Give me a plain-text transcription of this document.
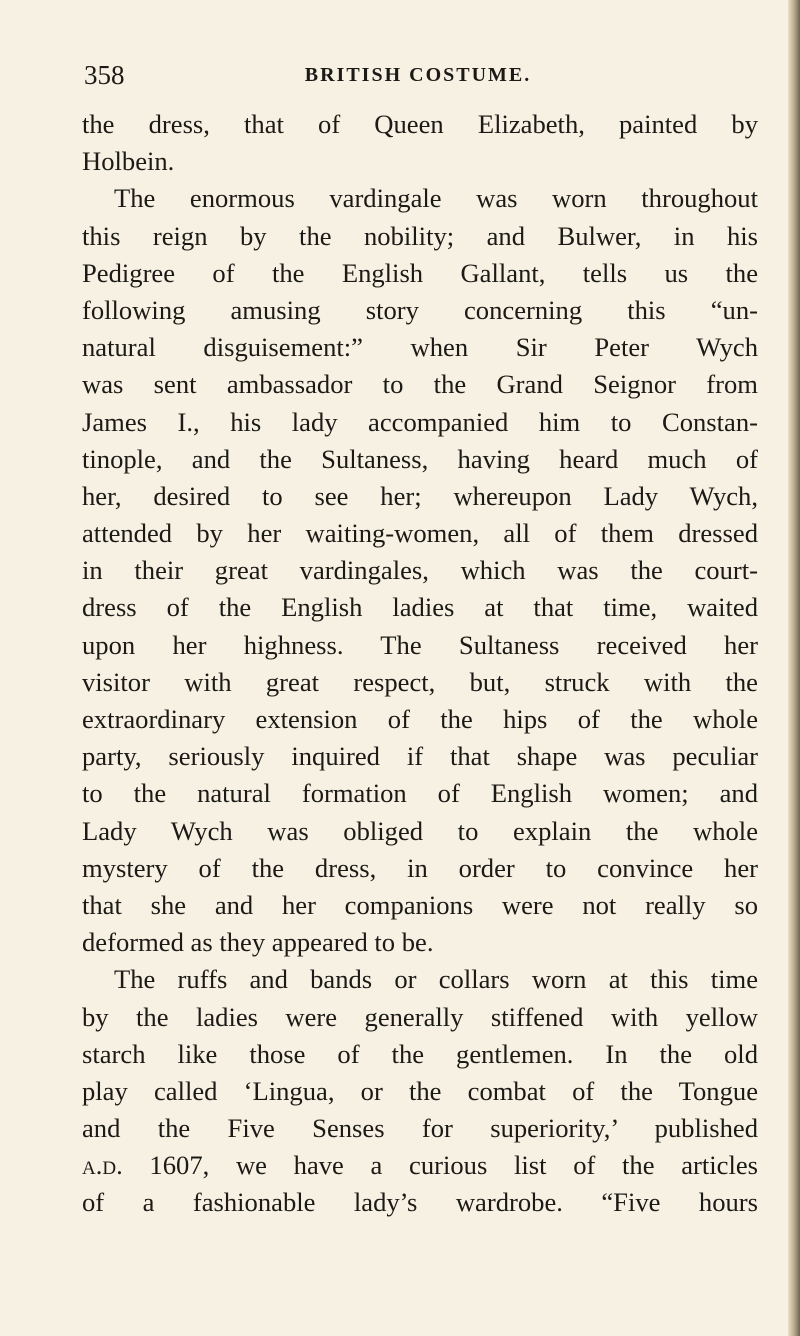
358	BRITISH COSTUME.
the dress, that of Queen Elizabeth, painted by
Holbein.
The enormous vardingale was worn throughout
this reign by the nobility; and Bulwer, in his
Pedigree of the English Gallant, tells us the
following amusing story concerning this “un-
natural disguisement:” when Sir Peter Wych
was sent ambassador to the Grand Seignor from
James I., his lady accompanied him to Constan-
tinople, and the Sultaness, having heard much of
her, desired to see her; whereupon Lady Wych,
attended by her waiting-women, all of them dressed
in their great vardingales, which was the court-
dress of the English ladies at that time, waited
upon her highness. The Sultaness received her
visitor with great respect, but, struck with the
extraordinary extension of the hips of the whole
party, seriously inquired if that shape was peculiar
to the natural formation of English women; and
Lady Wych was obliged to explain the whole
mystery of the dress, in order to convince her
that she and her companions were not really so
deformed as they appeared to be.
The ruffs and bands or collars worn at this time
by the ladies were generally stiffened with yellow
starch like those of the gentlemen. In the old
play called ‘Lingua, or the combat of the Tongue
and the Five Senses for superiority,’ published
a.d. 1607, we have a curious list of the articles
of a fashionable lady’s wardrobe. “Five hours
